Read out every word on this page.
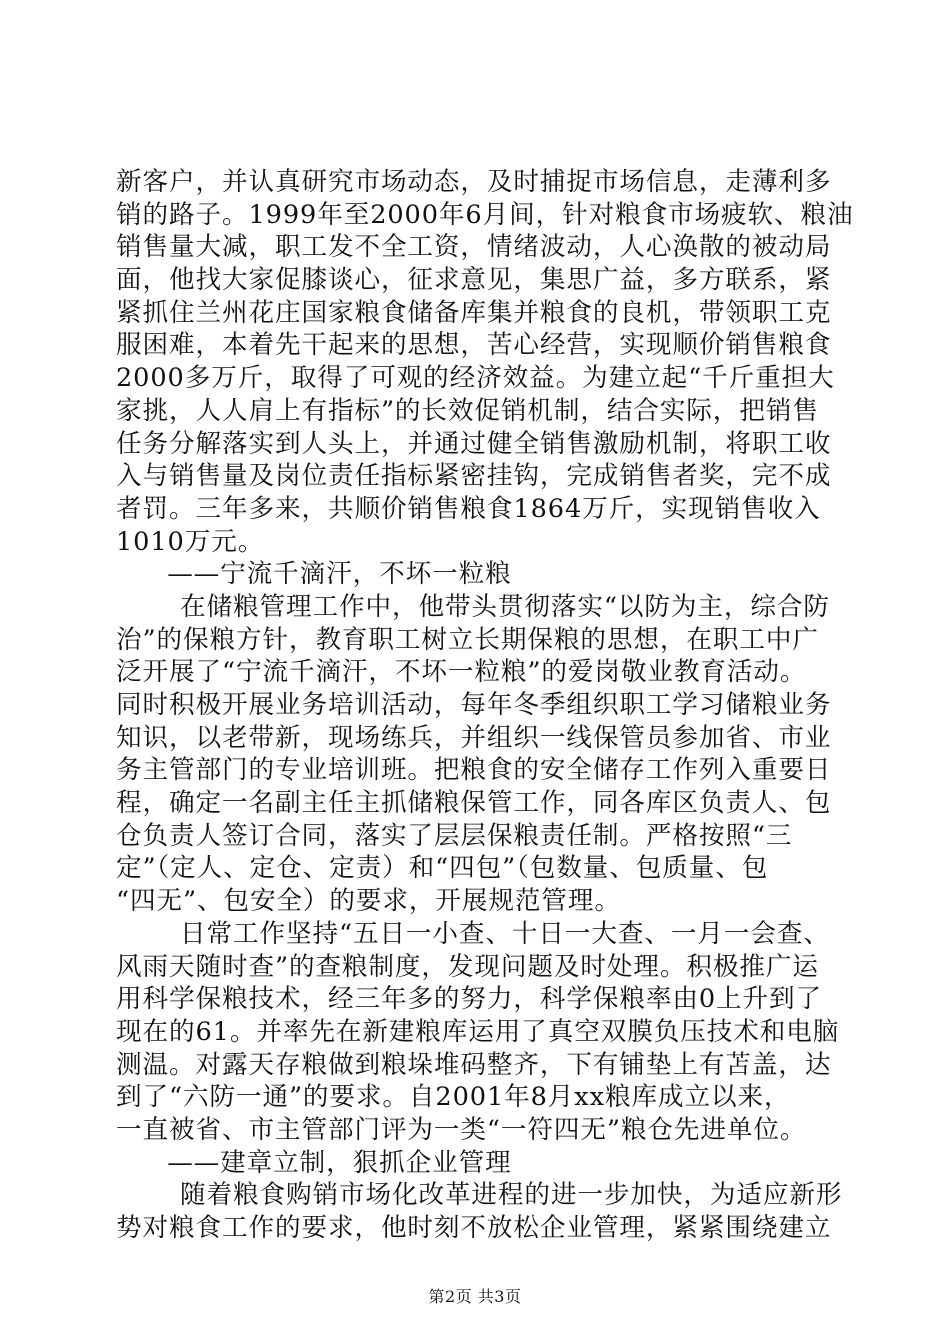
新客户，并认真研究市场动态，及时捕捉市场信息，走薄利多
销的路子。1999年至2000年6月间，针对粮食市场疲软、粮油
销售量大减，职工发不全工资，情绪波动，人心涣散的被动局
面，他找大家促膝谈心，征求意见，集思广益，多方联系，紧
紧抓住兰州花庄国家粮食储备库集并粮食的良机，带领职工克
服困难，本着先干起来的思想，苦心经营，实现顺价销售粮食
2000多万斤，取得了可观的经济效益。为建立起“千斤重担大
家挑，人人肩上有指标”的长效促销机制，结合实际，把销售
任务分解落实到人头上，并通过健全销售激励机制，将职工收
入与销售量及岗位责任指标紧密挂钩，完成销售者奖，完不成
者罚。三年多来，共顺价销售粮食1864万斤，实现销售收入
1010万元。
——宁流千滴汗，不坏一粒粮
在储粮管理工作中，他带头贯彻落实“以防为主，综合防
治”的保粮方针，教育职工树立长期保粮的思想，在职工中广
泛开展了“宁流千滴汗，不坏一粒粮”的爱岗敬业教育活动。
同时积极开展业务培训活动，每年冬季组织职工学习储粮业务
知识，以老带新，现场练兵，并组织一线保管员参加省、市业
务主管部门的专业培训班。把粮食的安全储存工作列入重要日
程，确定一名副主任主抓储粮保管工作，同各库区负责人、包
仓负责人签订合同，落实了层层保粮责任制。严格按照“三
定”（定人、定仓、定责）和“四包”（包数量、包质量、包
“四无”、包安全）的要求，开展规范管理。
日常工作坚持“五日一小查、十日一大查、一月一会查、
风雨天随时查”的查粮制度，发现问题及时处理。积极推广运
用科学保粮技术，经三年多的努力，科学保粮率由0上升到了
现在的61。并率先在新建粮库运用了真空双膜负压技术和电脑
测温。对露天存粮做到粮垛堆码整齐，下有铺垫上有苫盖，达
到了“六防一通”的要求。自2001年8月xx粮库成立以来，
一直被省、市主管部门评为一类“一符四无”粮仓先进单位。
——建章立制，狠抓企业管理
随着粮食购销市场化改革进程的进一步加快，为适应新形
势对粮食工作的要求，他时刻不放松企业管理，紧紧围绕建立
第2页 共3页
